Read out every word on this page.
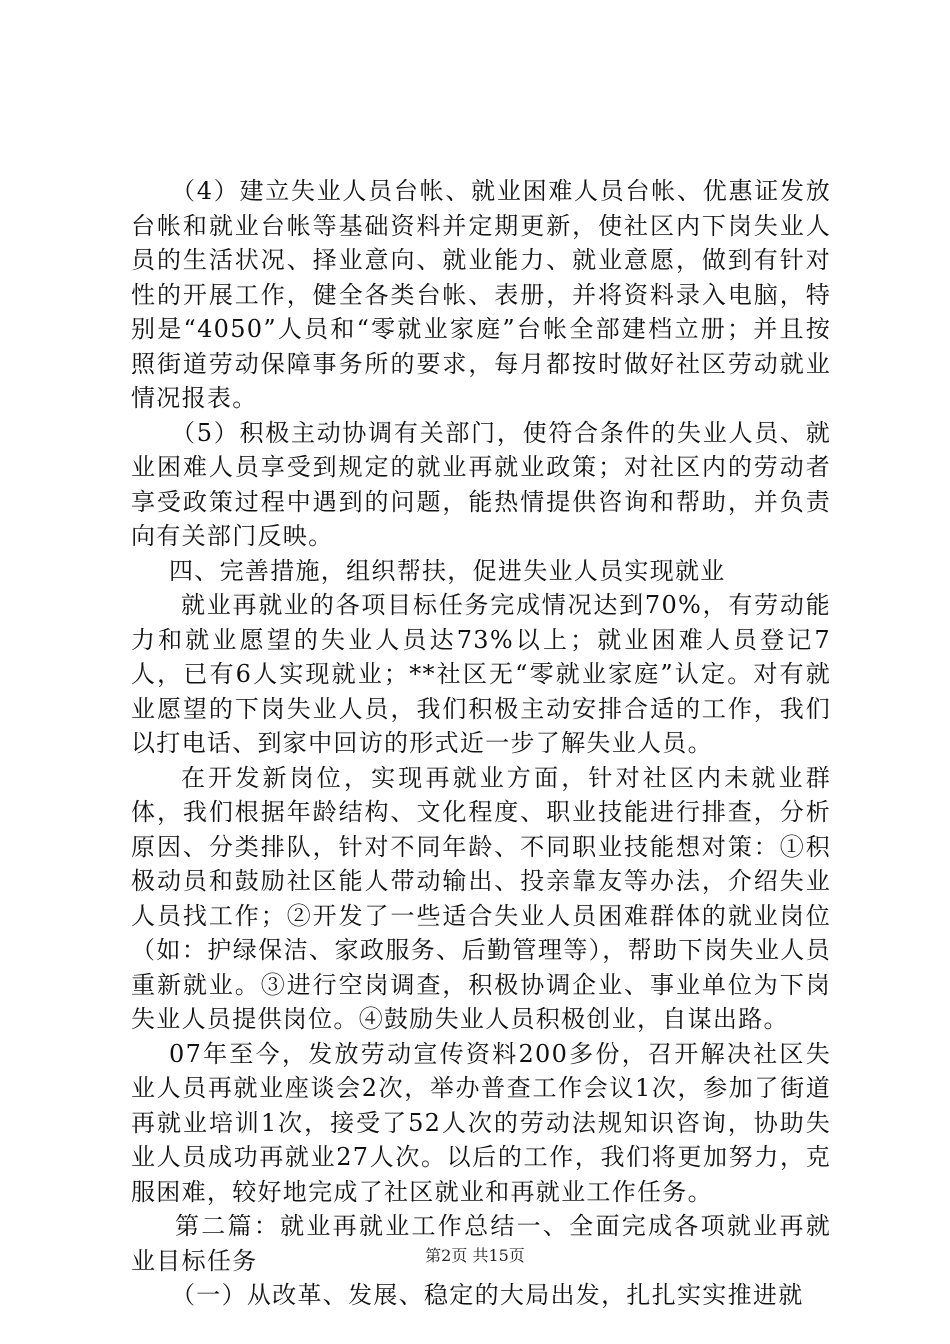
（4）建立失业人员台帐、就业困难人员台帐、优惠证发放台帐和就业台帐等基础资料并定期更新，使社区内下岗失业人员的生活状况、择业意向、就业能力、就业意愿，做到有针对性的开展工作，健全各类台帐、表册，并将资料录入电脑，特别是“4050”人员和“零就业家庭”台帐全部建档立册；并且按照街道劳动保障事务所的要求，每月都按时做好社区劳动就业情况报表。

（5）积极主动协调有关部门，使符合条件的失业人员、就业困难人员享受到规定的就业再就业政策；对社区内的劳动者享受政策过程中遇到的问题，能热情提供咨询和帮助，并负责向有关部门反映。

四、完善措施，组织帮扶，促进失业人员实现就业

就业再就业的各项目标任务完成情况达到70%，有劳动能力和就业愿望的失业人员达73%以上；就业困难人员登记7人，已有6人实现就业；**社区无“零就业家庭”认定。对有就业愿望的下岗失业人员，我们积极主动安排合适的工作，我们以打电话、到家中回访的形式近一步了解失业人员。

在开发新岗位，实现再就业方面，针对社区内未就业群体，我们根据年龄结构、文化程度、职业技能进行排查，分析原因、分类排队，针对不同年龄、不同职业技能想对策：①积极动员和鼓励社区能人带动输出、投亲靠友等办法，介绍失业人员找工作；②开发了一些适合失业人员困难群体的就业岗位（如：护绿保洁、家政服务、后勤管理等），帮助下岗失业人员重新就业。③进行空岗调查，积极协调企业、事业单位为下岗失业人员提供岗位。④鼓励失业人员积极创业，自谋出路。

07年至今，发放劳动宣传资料200多份，召开解决社区失业人员再就业座谈会2次，举办普查工作会议1次，参加了街道再就业培训1次，接受了52人次的劳动法规知识咨询，协助失业人员成功再就业27人次。以后的工作，我们将更加努力，克服困难，较好地完成了社区就业和再就业工作任务。

第二篇：就业再就业工作总结一、全面完成各项就业再就业目标任务

（一）从改革、发展、稳定的大局出发，扎扎实实推进就

第2页 共15页
